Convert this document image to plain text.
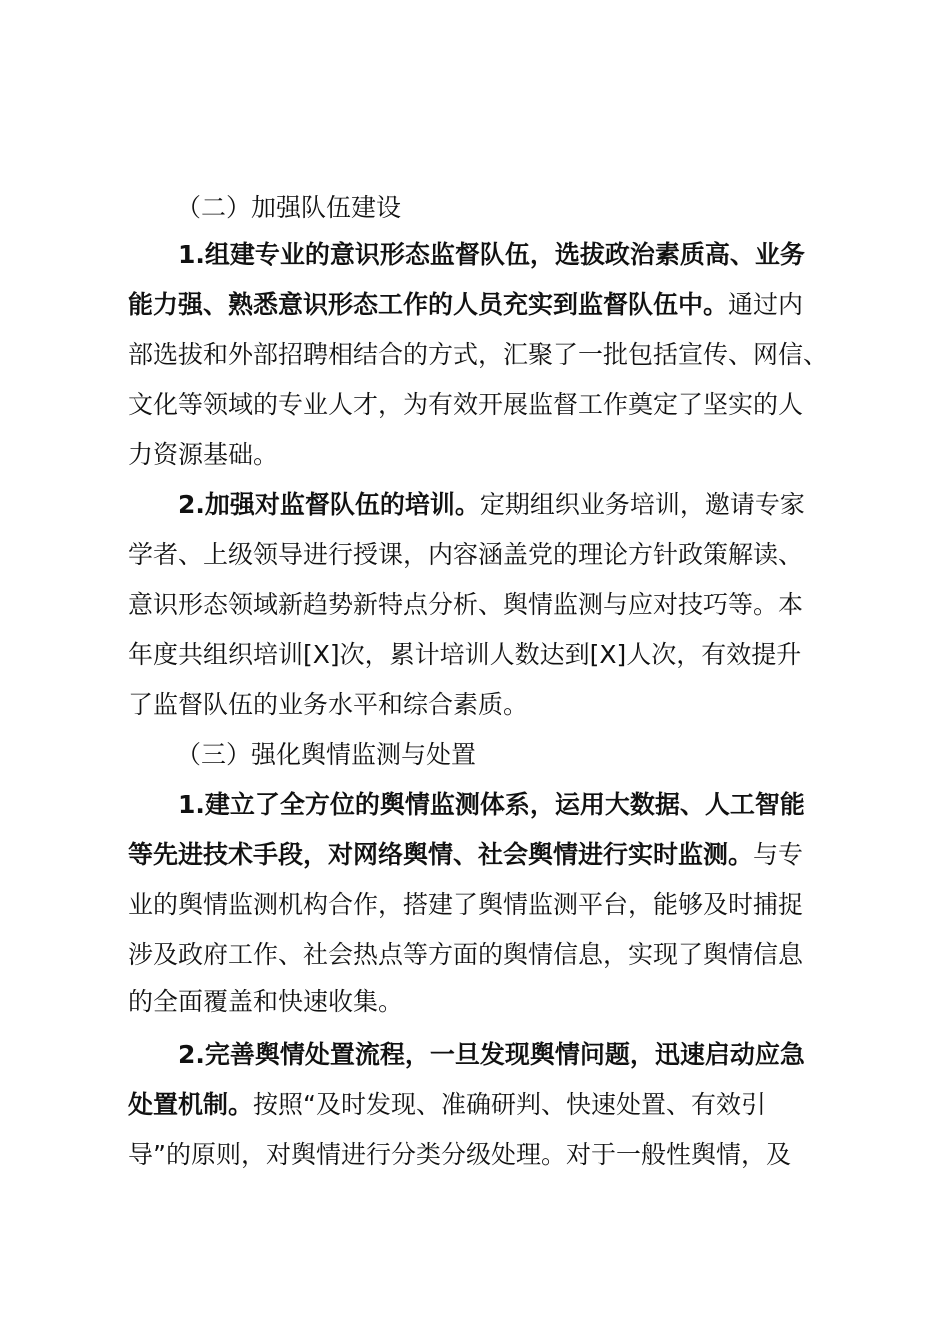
（二）加强队伍建设
1.组建专业的意识形态监督队伍，选拔政治素质高、业务
能力强、熟悉意识形态工作的人员充实到监督队伍中。通过内
部选拔和外部招聘相结合的方式，汇聚了一批包括宣传、网信、
文化等领域的专业人才，为有效开展监督工作奠定了坚实的人
力资源基础。
2.加强对监督队伍的培训。定期组织业务培训，邀请专家
学者、上级领导进行授课，内容涵盖党的理论方针政策解读、
意识形态领域新趋势新特点分析、舆情监测与应对技巧等。本
年度共组织培训[X]次，累计培训人数达到[X]人次，有效提升
了监督队伍的业务水平和综合素质。
（三）强化舆情监测与处置
1.建立了全方位的舆情监测体系，运用大数据、人工智能
等先进技术手段，对网络舆情、社会舆情进行实时监测。与专
业的舆情监测机构合作，搭建了舆情监测平台，能够及时捕捉
涉及政府工作、社会热点等方面的舆情信息，实现了舆情信息
的全面覆盖和快速收集。
2.完善舆情处置流程，一旦发现舆情问题，迅速启动应急
处置机制。按照“及时发现、准确研判、快速处置、有效引
导”的原则，对舆情进行分类分级处理。对于一般性舆情，及
